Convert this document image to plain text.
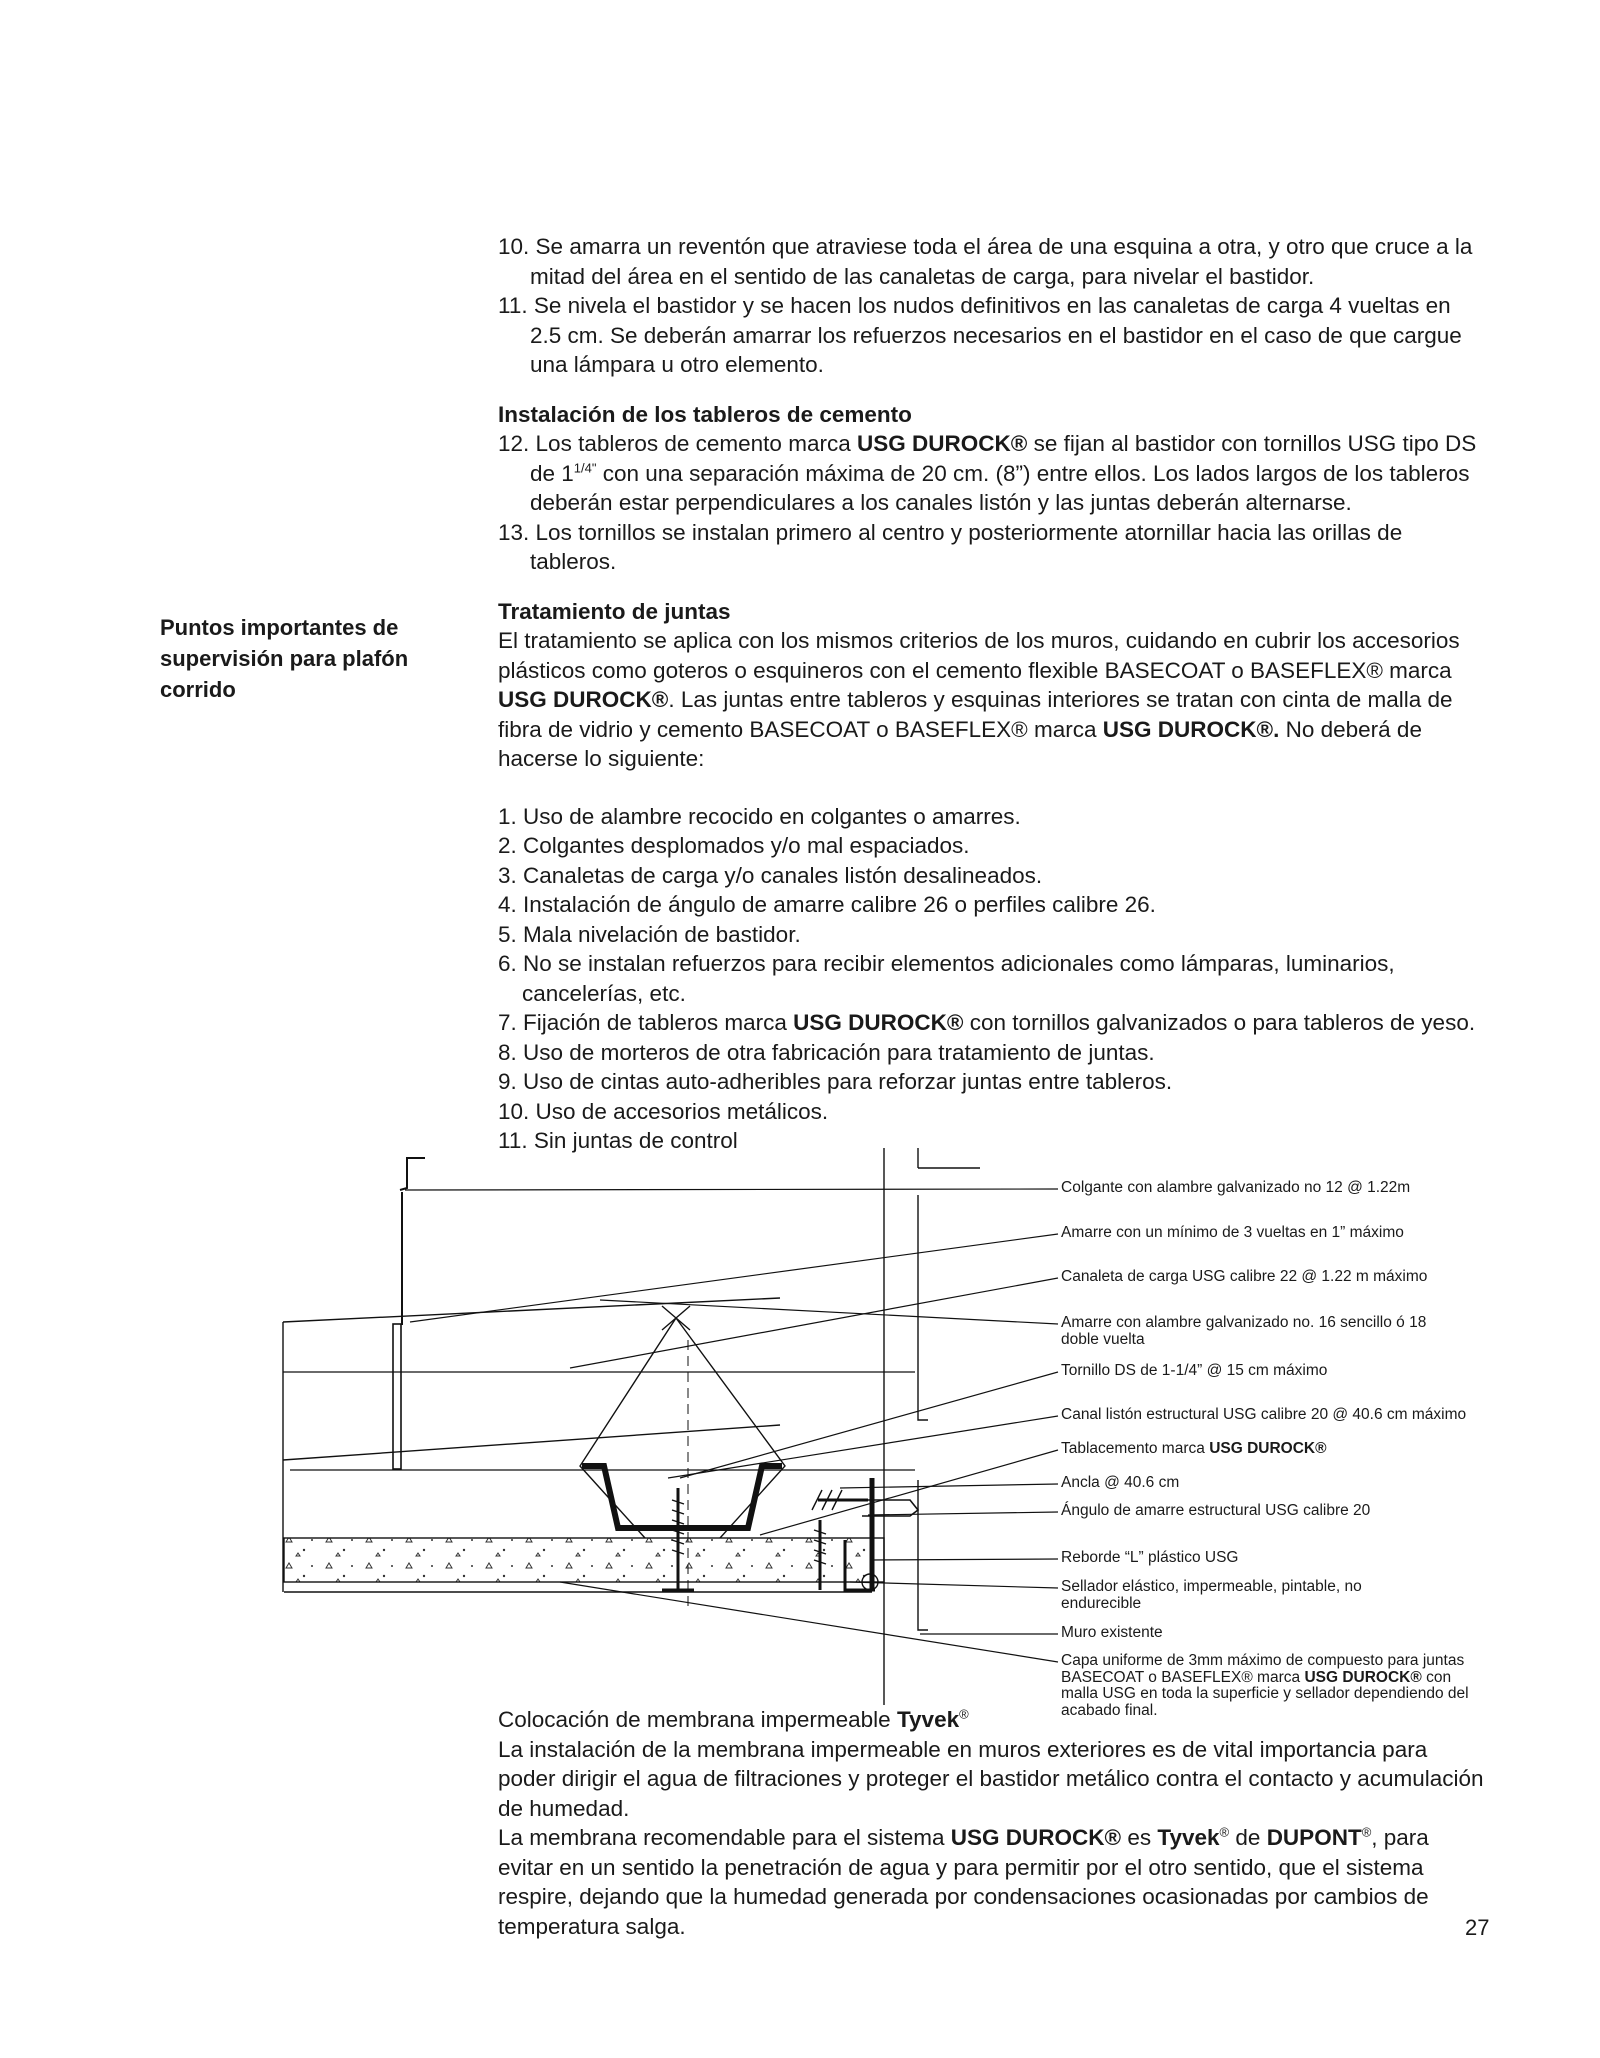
10. Se amarra un reventón que atraviese toda el área de una esquina a otra, y otro que cruce a la mitad del área en el sentido de las canaletas de carga, para nivelar el bastidor.

11. Se nivela el bastidor y se hacen los nudos definitivos en las canaletas de carga 4 vueltas en 2.5 cm. Se deberán amarrar los refuerzos necesarios en el bastidor en el caso de que cargue una lámpara u otro elemento.

Instalación de los tableros de cemento

12. Los tableros de cemento marca USG DUROCK® se fijan al bastidor con tornillos USG tipo DS de $1^{1/4"}$ con una separación máxima de 20 cm. (8”) entre ellos. Los lados largos de los tableros deberán estar perpendiculares a los canales listón y las juntas deberán alternarse.

13. Los tornillos se instalan primero al centro y posteriormente atornillar hacia las orillas de tableros.

Tratamiento de juntas

El tratamiento se aplica con los mismos criterios de los muros, cuidando en cubrir los accesorios plásticos como goteros o esquineros con el cemento flexible BASECOAT o BASEFLEX® marca USG DUROCK®. Las juntas entre tableros y esquinas interiores se tratan con cinta de malla de fibra de vidrio y cemento BASECOAT o BASEFLEX® marca USG DUROCK®. No deberá de hacerse lo siguiente:

1. Uso de alambre recocido en colgantes o amarres.

2. Colgantes desplomados y/o mal espaciados.

3. Canaletas de carga y/o canales listón desalineados.

4. Instalación de ángulo de amarre calibre 26 o perfiles calibre 26.

5. Mala nivelación de bastidor.

6. No se instalan refuerzos para recibir elementos adicionales como lámparas, luminarios, cancelerías, etc.

7. Fijación de tableros marca USG DUROCK® con tornillos galvanizados o para tableros de yeso.

8. Uso de morteros de otra fabricación para tratamiento de juntas.

9. Uso de cintas auto-adheribles para reforzar juntas entre tableros.

10. Uso de accesorios metálicos.

11. Sin juntas de control

Puntos importantes de supervisión para plafón corrido
Colgante con alambre galvanizado no 12 @ 1.22m
Amarre con un mínimo de 3 vueltas en 1” máximo
Canaleta de carga USG calibre 22 @ 1.22 m máximo
Amarre con alambre galvanizado no. 16 sencillo ó 18 doble vuelta
Tornillo DS de 1-1/4” @ 15 cm máximo
Canal listón estructural USG calibre 20 @ 40.6 cm máximo
Tablacemento marca USG DUROCK®
Ancla @ 40.6 cm
Ángulo de amarre estructural USG calibre 20
Reborde “L” plástico USG
Sellador elástico, impermeable, pintable, no endurecible
Muro existente
Capa uniforme de 3mm máximo de compuesto para juntas BASECOAT o BASEFLEX® marca USG DUROCK® con malla USG en toda la superficie y sellador dependiendo del acabado final.

Colocación de membrana impermeable Tyvek®

La instalación de la membrana impermeable en muros exteriores es de vital importancia para poder dirigir el agua de filtraciones y proteger el bastidor metálico contra el contacto y acumulación de humedad.

La membrana recomendable para el sistema USG DUROCK® es Tyvek® de DUPONT®, para evitar en un sentido la penetración de agua y para permitir por el otro sentido, que el sistema respire, dejando que la humedad generada por condensaciones ocasionadas por cambios de temperatura salga.	27
